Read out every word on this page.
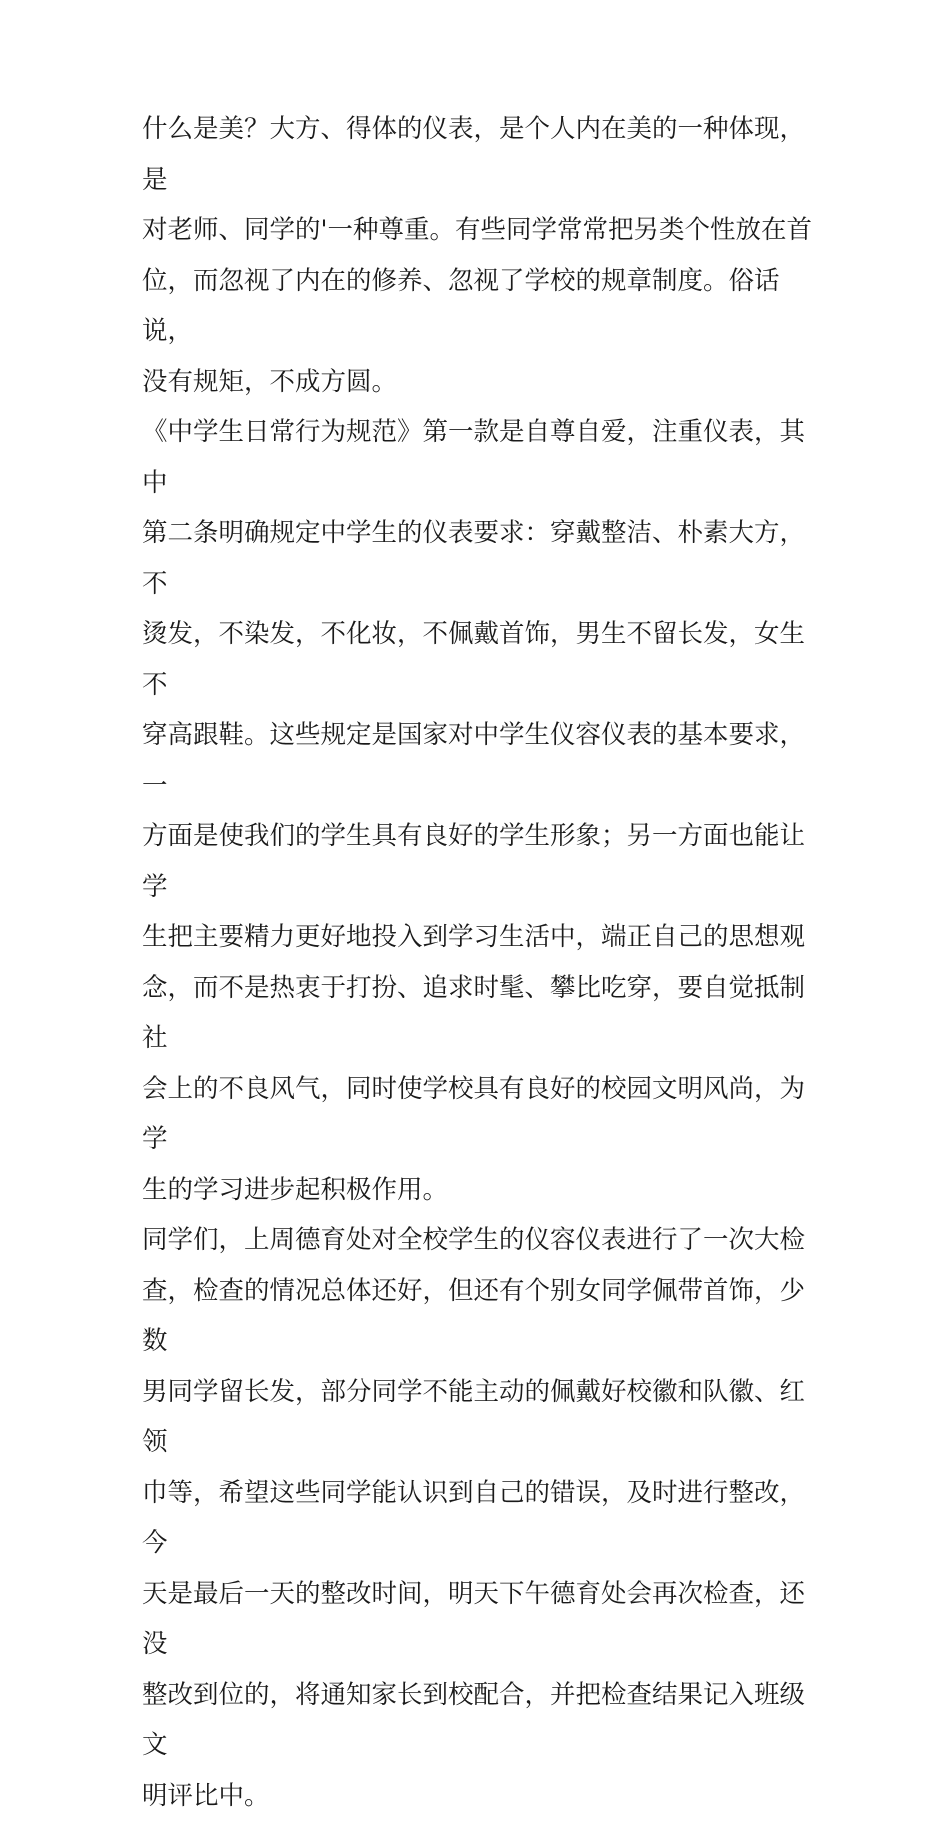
什么是美？大方、得体的仪表，是个人内在美的一种体现，是
对老师、同学的'一种尊重。有些同学常常把另类个性放在首
位，而忽视了内在的修养、忽视了学校的规章制度。俗话说，
没有规矩，不成方圆。

《中学生日常行为规范》第一款是自尊自爱，注重仪表，其中
第二条明确规定中学生的仪表要求：穿戴整洁、朴素大方，不
烫发，不染发，不化妆，不佩戴首饰，男生不留长发，女生不
穿高跟鞋。这些规定是国家对中学生仪容仪表的基本要求，一
方面是使我们的学生具有良好的学生形象；另一方面也能让学
生把主要精力更好地投入到学习生活中，端正自己的思想观
念，而不是热衷于打扮、追求时髦、攀比吃穿，要自觉抵制社
会上的不良风气，同时使学校具有良好的校园文明风尚，为学
生的学习进步起积极作用。

同学们，上周德育处对全校学生的仪容仪表进行了一次大检
查，检查的情况总体还好，但还有个别女同学佩带首饰，少数
男同学留长发，部分同学不能主动的佩戴好校徽和队徽、红领
巾等，希望这些同学能认识到自己的错误，及时进行整改，今
天是最后一天的整改时间，明天下午德育处会再次检查，还没
整改到位的，将通知家长到校配合，并把检查结果记入班级文
明评比中。
